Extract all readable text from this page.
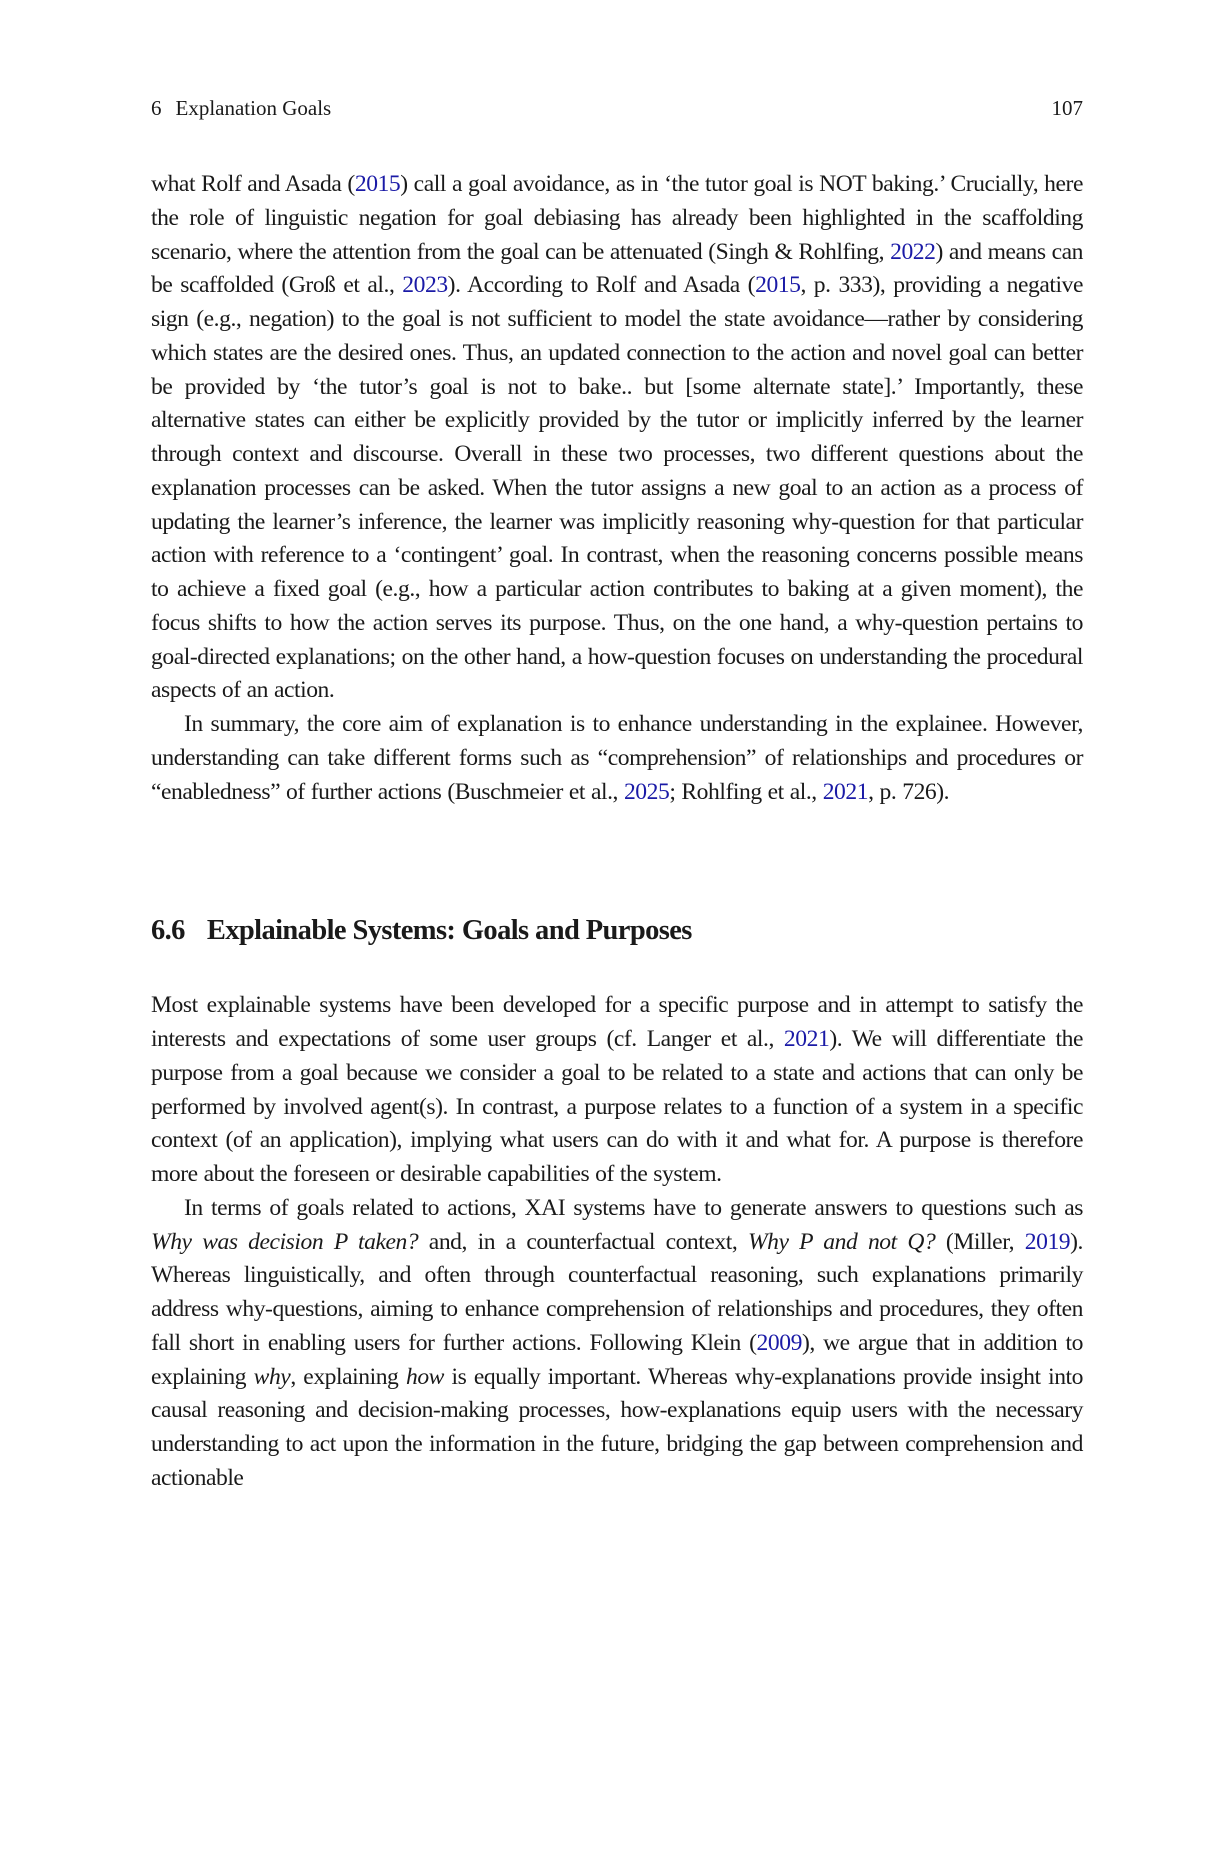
6 Explanation Goals	107

what Rolf and Asada (2015) call a goal avoidance, as in ‘the tutor goal is NOT baking.’ Crucially, here the role of linguistic negation for goal debiasing has already been highlighted in the scaffolding scenario, where the attention from the goal can be attenuated (Singh & Rohlfing, 2022) and means can be scaffolded (Groß et al., 2023). According to Rolf and Asada (2015, p. 333), providing a negative sign (e.g., negation) to the goal is not sufficient to model the state avoidance—rather by considering which states are the desired ones. Thus, an updated connection to the action and novel goal can better be provided by ‘the tutor’s goal is not to bake.. but [some alternate state].’ Importantly, these alternative states can either be explicitly provided by the tutor or implicitly inferred by the learner through context and discourse. Overall in these two processes, two different questions about the explanation processes can be asked. When the tutor assigns a new goal to an action as a process of updating the learner’s inference, the learner was implicitly reasoning why-question for that particular action with reference to a ‘contingent’ goal. In contrast, when the reasoning concerns possible means to achieve a fixed goal (e.g., how a particular action contributes to baking at a given moment), the focus shifts to how the action serves its purpose. Thus, on the one hand, a why-question pertains to goal-directed explanations; on the other hand, a how-question focuses on understanding the procedural aspects of an action.

In summary, the core aim of explanation is to enhance understanding in the explainee. However, understanding can take different forms such as “comprehension” of relationships and procedures or “enabledness” of further actions (Buschmeier et al., 2025; Rohlfing et al., 2021, p. 726).

6.6 Explainable Systems: Goals and Purposes

Most explainable systems have been developed for a specific purpose and in attempt to satisfy the interests and expectations of some user groups (cf. Langer et al., 2021). We will differentiate the purpose from a goal because we consider a goal to be related to a state and actions that can only be performed by involved agent(s). In contrast, a purpose relates to a function of a system in a specific context (of an application), implying what users can do with it and what for. A purpose is therefore more about the foreseen or desirable capabilities of the system.

In terms of goals related to actions, XAI systems have to generate answers to questions such as Why was decision P taken? and, in a counterfactual context, Why P and not Q? (Miller, 2019). Whereas linguistically, and often through counterfactual reasoning, such explanations primarily address why-questions, aiming to enhance comprehension of relationships and procedures, they often fall short in enabling users for further actions. Following Klein (2009), we argue that in addition to explaining why, explaining how is equally important. Whereas why-explanations provide insight into causal reasoning and decision-making processes, how-explanations equip users with the necessary understanding to act upon the information in the future, bridging the gap between comprehension and actionable
